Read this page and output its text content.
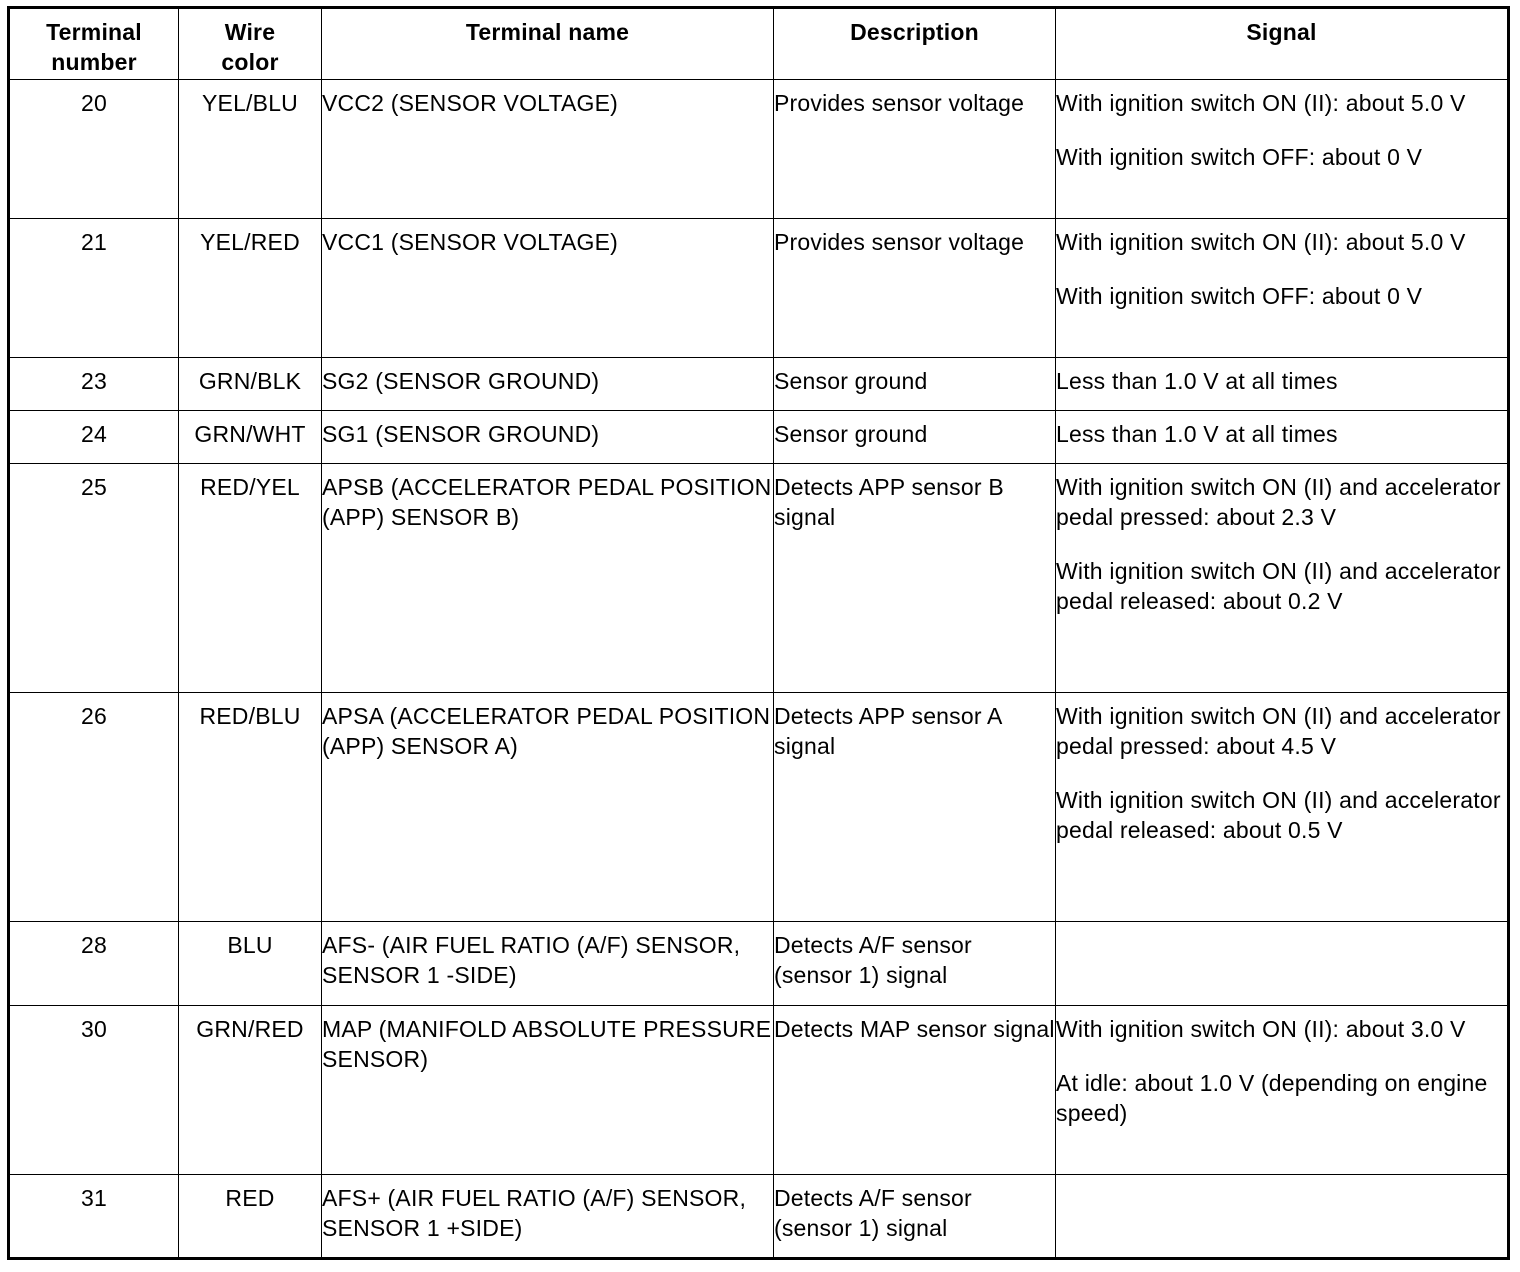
Terminal
number	Wire
color	Terminal name	Description	Signal
20	YEL/BLU	VCC2 (SENSOR VOLTAGE)	Provides sensor voltage	With ignition switch ON (II): about 5.0 V
With ignition switch OFF: about 0 V

21	YEL/RED	VCC1 (SENSOR VOLTAGE)	Provides sensor voltage	With ignition switch ON (II): about 5.0 V
With ignition switch OFF: about 0 V

23	GRN/BLK	SG2 (SENSOR GROUND)	Sensor ground	Less than 1.0 V at all times

24	GRN/WHT	SG1 (SENSOR GROUND)	Sensor ground	Less than 1.0 V at all times

25	RED/YEL	APSB (ACCELERATOR PEDAL POSITION (APP) SENSOR B)	Detects APP sensor B signal	With ignition switch ON (II) and accelerator pedal pressed: about 2.3 V
With ignition switch ON (II) and accelerator pedal released: about 0.2 V

26	RED/BLU	APSA (ACCELERATOR PEDAL POSITION (APP) SENSOR A)	Detects APP sensor A signal	With ignition switch ON (II) and accelerator pedal pressed: about 4.5 V
With ignition switch ON (II) and accelerator pedal released: about 0.5 V

28	BLU	AFS- (AIR FUEL RATIO (A/F) SENSOR, SENSOR 1 -SIDE)	Detects A/F sensor (sensor 1) signal	
30	GRN/RED	MAP (MANIFOLD ABSOLUTE PRESSURE SENSOR)	Detects MAP sensor signal	With ignition switch ON (II): about 3.0 V
At idle: about 1.0 V (depending on engine speed)

31	RED	AFS+ (AIR FUEL RATIO (A/F) SENSOR, SENSOR 1 +SIDE)	Detects A/F sensor (sensor 1) signal	
